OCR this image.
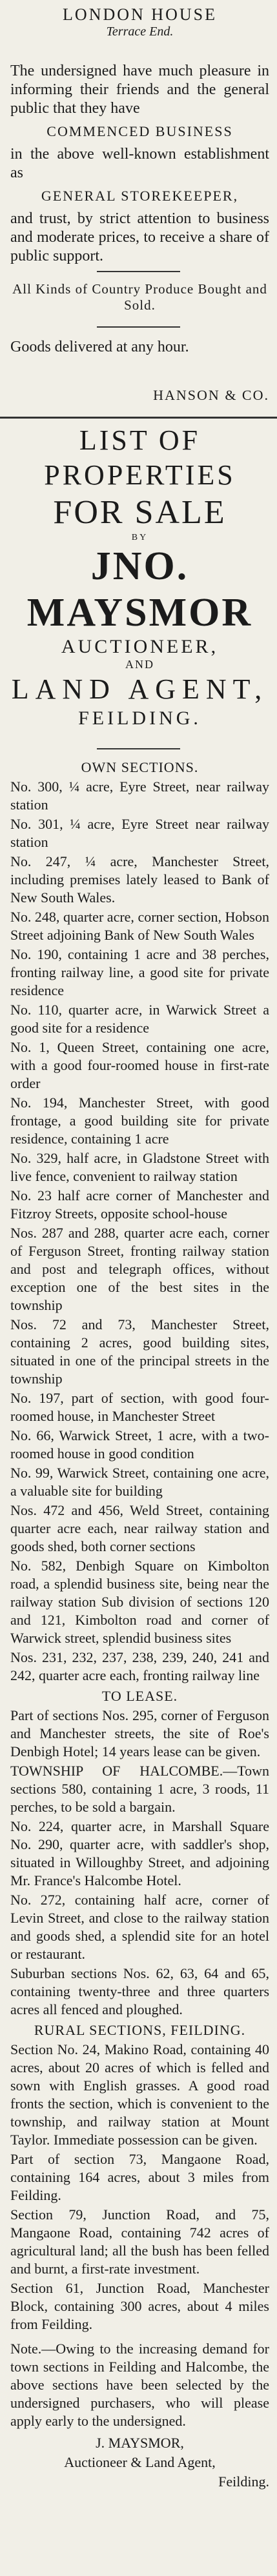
LONDON HOUSE

Terrace End.

The undersigned have much pleasure in informing their friends and the general public that they have

COMMENCED BUSINESS

in the above well-known establishment as

GENERAL STOREKEEPER,

and trust, by strict attention to business and moderate prices, to receive a share of public support.

All Kinds of Country Produce Bought and Sold.

Goods delivered at any hour.

HANSON & CO.

LIST OF PROPERTIES

FOR SALE

BY

JNO. MAYSMOR

AUCTIONEER,

AND

LAND AGENT,

FEILDING.

OWN SECTIONS.

No. 300, ¼ acre, Eyre Street, near railway station

No. 301, ¼ acre, Eyre Street near railway station

No. 247, ¼ acre, Manchester Street, including premises lately leased to Bank of New South Wales.

No. 248, quarter acre, corner section, Hobson Street adjoining Bank of New South Wales

No. 190, containing 1 acre and 38 perches, fronting railway line, a good site for private residence

No. 110, quarter acre, in Warwick Street a good site for a residence

No. 1, Queen Street, containing one acre, with a good four-roomed house in first-rate order

No. 194, Manchester Street, with good frontage, a good building site for private residence, containing 1 acre

No. 329, half acre, in Gladstone Street with live fence, convenient to railway station

No. 23 half acre corner of Manchester and Fitzroy Streets, opposite school-house

Nos. 287 and 288, quarter acre each, corner of Ferguson Street, fronting railway station and post and telegraph offices, without exception one of the best sites in the township

Nos. 72 and 73, Manchester Street, containing 2 acres, good building sites, situated in one of the principal streets in the township

No. 197, part of section, with good four-roomed house, in Manchester Street

No. 66, Warwick Street, 1 acre, with a two-roomed house in good condition

No. 99, Warwick Street, containing one acre, a valuable site for building

Nos. 472 and 456, Weld Street, containing quarter acre each, near railway station and goods shed, both corner sections

No. 582, Denbigh Square on Kimbolton road, a splendid business site, being near the railway station Sub division of sections 120 and 121, Kimbolton road and corner of Warwick street, splendid business sites

Nos. 231, 232, 237, 238, 239, 240, 241 and 242, quarter acre each, fronting railway line

TO LEASE.

Part of sections Nos. 295, corner of Ferguson and Manchester streets, the site of Roe's Denbigh Hotel; 14 years lease can be given.

TOWNSHIP OF HALCOMBE.—Town sections 580, containing 1 acre, 3 roods, 11 perches, to be sold a bargain.

No. 224, quarter acre, in Marshall Square No. 290, quarter acre, with saddler's shop, situated in Willoughby Street, and adjoining Mr. France's Halcombe Hotel.

No. 272, containing half acre, corner of Levin Street, and close to the railway station and goods shed, a splendid site for an hotel or restaurant.

Suburban sections Nos. 62, 63, 64 and 65, containing twenty-three and three quarters acres all fenced and ploughed.

RURAL SECTIONS, FEILDING.

Section No. 24, Makino Road, containing 40 acres, about 20 acres of which is felled and sown with English grasses. A good road fronts the section, which is convenient to the township, and railway station at Mount Taylor. Immediate possession can be given.

Part of section 73, Mangaone Road, containing 164 acres, about 3 miles from Feilding.

Section 79, Junction Road, and 75, Mangaone Road, containing 742 acres of agricultural land; all the bush has been felled and burnt, a first-rate investment.

Section 61, Junction Road, Manchester Block, containing 300 acres, about 4 miles from Feilding.

Note.—Owing to the increasing demand for town sections in Feilding and Halcombe, the above sections have been selected by the undersigned purchasers, who will please apply early to the undersigned.

J. MAYSMOR,

Auctioneer & Land Agent,

Feilding.
